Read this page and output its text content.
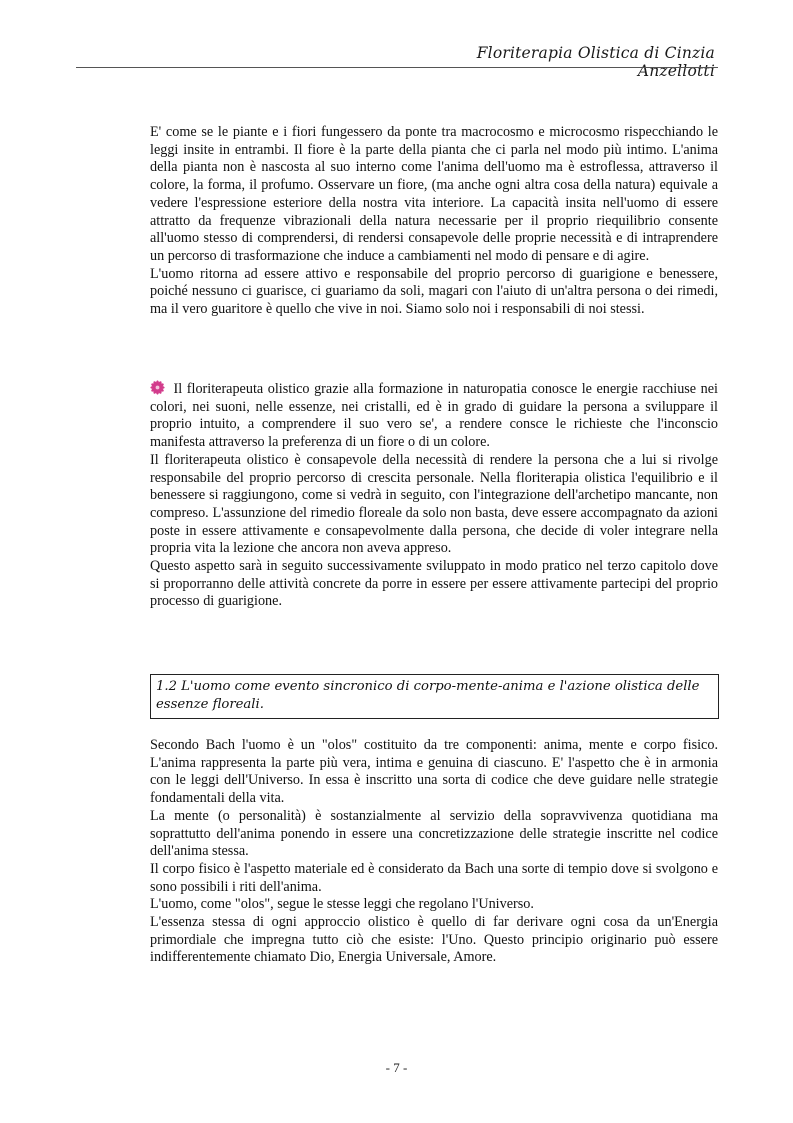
Floriterapia Olistica di Cinzia Anzellotti

E' come se le piante e i fiori fungessero da ponte tra macrocosmo e microcosmo rispecchiando le leggi insite in entrambi. Il fiore è la parte della pianta che ci parla nel modo più intimo. L'anima della pianta non è nascosta al suo interno come l'anima dell'uomo ma è estroflessa, attraverso il colore, la forma, il profumo. Osservare un fiore, (ma anche ogni altra cosa della natura) equivale a vedere l'espressione esteriore della nostra vita interiore. La capacità insita nell'uomo di essere attratto da frequenze vibrazionali della natura necessarie per il proprio riequilibrio consente all'uomo stesso di comprendersi, di rendersi consapevole delle proprie necessità e di intraprendere un percorso di trasformazione che induce a cambiamenti nel modo di pensare e di agire.

L'uomo ritorna ad essere attivo e responsabile del proprio percorso di guarigione e benessere, poiché nessuno ci guarisce, ci guariamo da soli, magari con l'aiuto di un'altra persona o dei rimedi, ma il vero guaritore è quello che vive in noi. Siamo solo noi i responsabili di noi stessi.

Il floriterapeuta olistico grazie alla formazione in naturopatia conosce le energie racchiuse nei colori, nei suoni, nelle essenze, nei cristalli, ed è in grado di guidare la persona a sviluppare il proprio intuito, a comprendere il suo vero se', a rendere consce le richieste che l'inconscio manifesta attraverso la preferenza di un fiore o di un colore.

Il floriterapeuta olistico è consapevole della necessità di rendere la persona che a lui si rivolge responsabile del proprio percorso di crescita personale. Nella floriterapia olistica l'equilibrio e il benessere si raggiungono, come si vedrà in seguito, con l'integrazione dell'archetipo mancante, non compreso. L'assunzione del rimedio floreale da solo non basta, deve essere accompagnato da azioni poste in essere attivamente e consapevolmente dalla persona, che decide di voler integrare nella propria vita la lezione che ancora non aveva appreso.

Questo aspetto sarà in seguito successivamente sviluppato in modo pratico nel terzo capitolo dove si proporranno delle attività concrete da porre in essere per essere attivamente partecipi del proprio processo di guarigione.

1.2 L'uomo come evento sincronico di corpo-mente-anima e l'azione olistica delle essenze floreali.

Secondo Bach l'uomo è un "olos" costituito da tre componenti: anima, mente e corpo fisico. L'anima rappresenta la parte più vera, intima e genuina di ciascuno. E' l'aspetto che è in armonia con le leggi dell'Universo. In essa è inscritto una sorta di codice che deve guidare nelle strategie fondamentali della vita.

La mente (o personalità) è sostanzialmente al servizio della sopravvivenza quotidiana ma soprattutto dell'anima ponendo in essere una concretizzazione delle strategie inscritte nel codice dell'anima stessa.

Il corpo fisico è l'aspetto materiale ed è considerato da Bach una sorte di tempio dove si svolgono e sono possibili i riti dell'anima.

L'uomo, come "olos", segue le stesse leggi che regolano l'Universo.

L'essenza stessa di ogni approccio olistico è quello di far derivare ogni cosa da un'Energia primordiale che impregna tutto ciò che esiste: l'Uno. Questo principio originario può essere indifferentemente chiamato Dio, Energia Universale, Amore.

- 7 -
